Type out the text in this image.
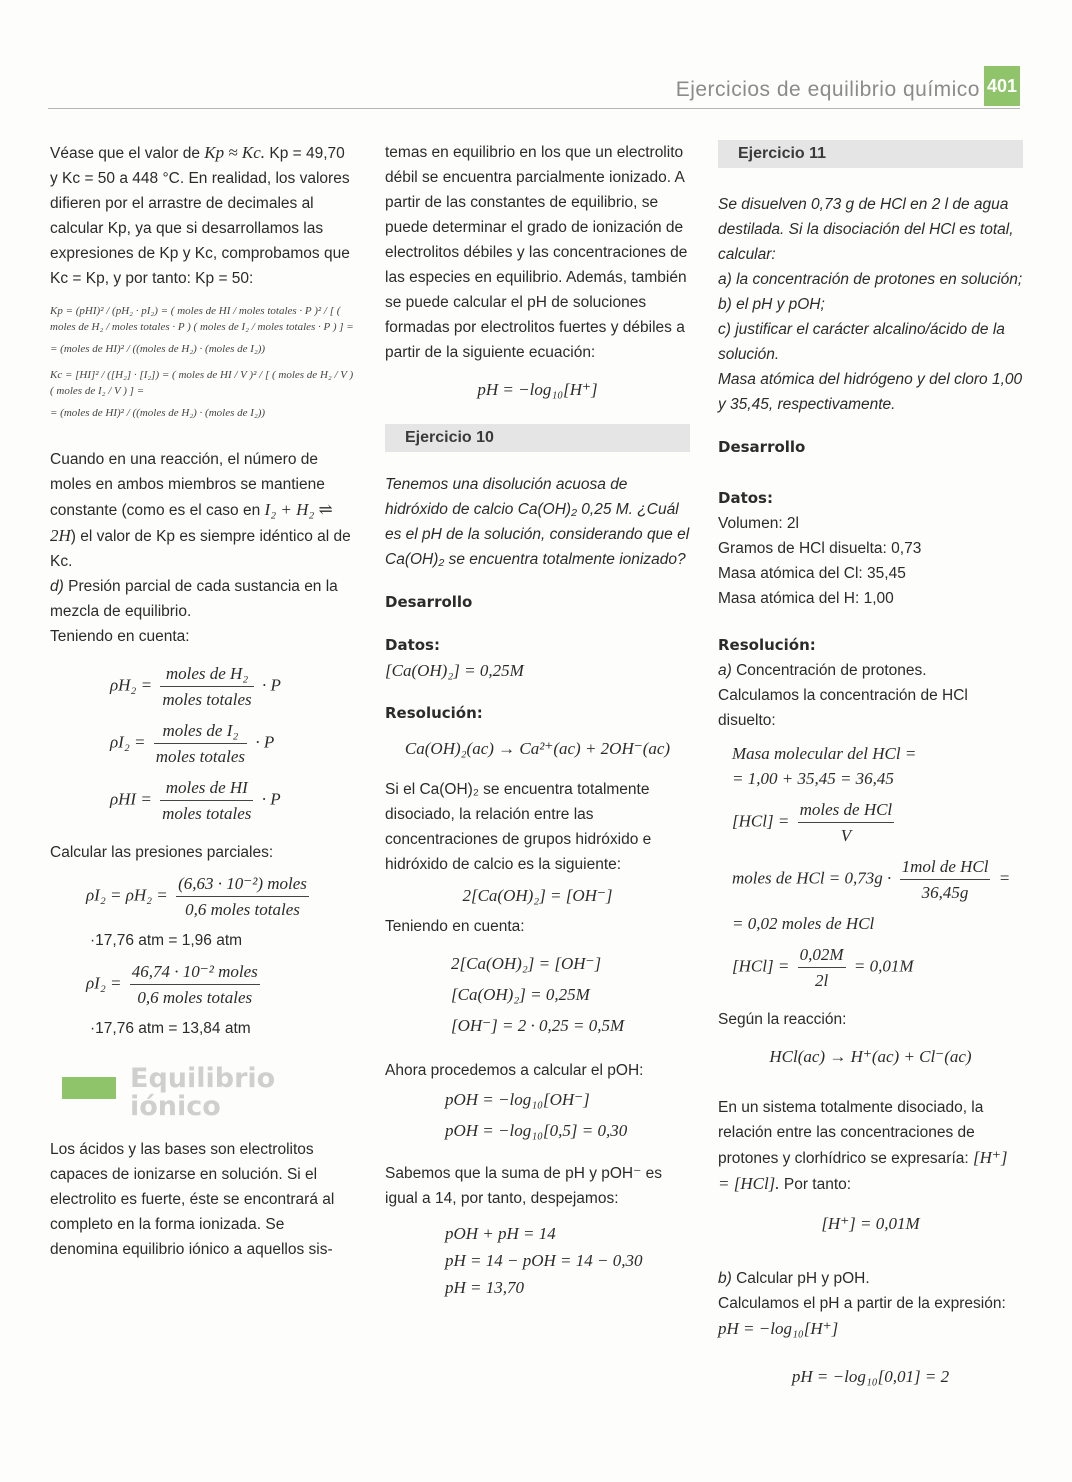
Ejercicios de equilibrio químico 401

Véase que el valor de Kp ≈ Kc. Kp = 49,70 y Kc = 50 a 448 °C. En realidad, los valores difieren por el arrastre de decimales al calcular Kp, ya que si desarrollamos las expresiones de Kp y Kc, comprobamos que Kc = Kp, y por tanto: Kp = 50:

Kp = (pHI)² / (pH₂ · pI₂) = ( moles de HI / moles totales · P )² / [ ( moles de H₂ / moles totales · P ) ( moles de I₂ / moles totales · P ) ] =
= (moles de HI)² / ((moles de H₂) · (moles de I₂))
Kc = [HI]² / ([H₂] · [I₂]) = ( moles de HI / V )² / [ ( moles de H₂ / V ) ( moles de I₂ / V ) ] =
= (moles de HI)² / ((moles de H₂) · (moles de I₂))

Cuando en una reacción, el número de moles en ambos miembros se mantiene constante (como es el caso en I₂ + H₂ ⇌ 2H) el valor de Kp es siempre idéntico al de Kc.

d) Presión parcial de cada sustancia en la mezcla de equilibrio.

Teniendo en cuenta:

$\rho H_2 = \frac{\text{moles de H₂}}{\text{moles totales}} \cdot P$
$\rho I_2 = \frac{\text{moles de I₂}}{\text{moles totales}} \cdot P$
$\rho HI = \frac{\text{moles de HI}}{\text{moles totales}} \cdot P$

Calcular las presiones parciales:

$\rho I_2 = \rho H_2 = \frac{\text{(6,63 · 10⁻²) moles}}{\text{0,6 moles totales}}$
·17,76 atm = 1,96 atm
$\rho I_2 = \frac{\text{46,74 · 10⁻² moles}}{\text{0,6 moles totales}}$
·17,76 atm = 13,84 atm
Equilibrio
iónico

Los ácidos y las bases son electrolitos capaces de ionizarse en solución. Si el electrolito es fuerte, éste se encontrará al completo en la forma ionizada. Se denomina equilibrio iónico a aquellos sis-

temas en equilibrio en los que un electrolito débil se encuentra parcialmente ionizado. A partir de las constantes de equilibrio, se puede determinar el grado de ionización de electrolitos débiles y las concentraciones de las especies en equilibrio. Además, también se puede calcular el pH de soluciones formadas por electrolitos fuertes y débiles a partir de la siguiente ecuación:

pH = −log₁₀[H⁺]
Ejercicio 10

Tenemos una disolución acuosa de hidróxido de calcio Ca(OH)₂ 0,25 M. ¿Cuál es el pH de la solución, considerando que el Ca(OH)₂ se encuentra totalmente ionizado?

Desarrollo

Datos:

[Ca(OH)₂] = 0,25M

Resolución:

Ca(OH)₂(ac) → Ca²⁺(ac) + 2OH⁻(ac)

Si el Ca(OH)₂ se encuentra totalmente disociado, la relación entre las concentraciones de grupos hidróxido e hidróxido de calcio es la siguiente:

2[Ca(OH)₂] = [OH⁻]

Teniendo en cuenta:

2[Ca(OH)₂] = [OH⁻]
[Ca(OH)₂] = 0,25M
[OH⁻] = 2 · 0,25 = 0,5M

Ahora procedemos a calcular el pOH:

pOH = −log₁₀[OH⁻]
pOH = −log₁₀[0,5] = 0,30

Sabemos que la suma de pH y pOH⁻ es igual a 14, por tanto, despejamos:

pOH + pH = 14
pH = 14 − pOH = 14 − 0,30
pH = 13,70
Ejercicio 11

Se disuelven 0,73 g de HCl en 2 l de agua destilada. Si la disociación del HCl es total, calcular:

a) la concentración de protones en solución;

b) el pH y pOH;

c) justificar el carácter alcalino/ácido de la solución.

Masa atómica del hidrógeno y del cloro 1,00 y 35,45, respectivamente.

Desarrollo

Datos:

Volumen: 2l

Gramos de HCl disuelta: 0,73

Masa atómica del Cl: 35,45

Masa atómica del H: 1,00

Resolución:

a) Concentración de protones.

Calculamos la concentración de HCl disuelto:

Masa molecular del HCl =
= 1,00 + 35,45 = 36,45
$[HCl] = \frac{\text{moles de HCl}}{V}$
moles de HCl = $0,73g \cdot \frac{\text{1mol de HCl}}{36,45g}$ =
= 0,02 moles de HCl
$[HCl] = \frac{0,02M}{2l} = 0,01M$

Según la reacción:

HCl(ac) → H⁺(ac) + Cl⁻(ac)

En un sistema totalmente disociado, la relación entre las concentraciones de protones y clorhídrico se expresaría: [H⁺] = [HCl]. Por tanto:

[H⁺] = 0,01M

b) Calcular pH y pOH.

Calculamos el pH a partir de la expresión: pH = −log₁₀[H⁺]

pH = −log₁₀[0,01] = 2
